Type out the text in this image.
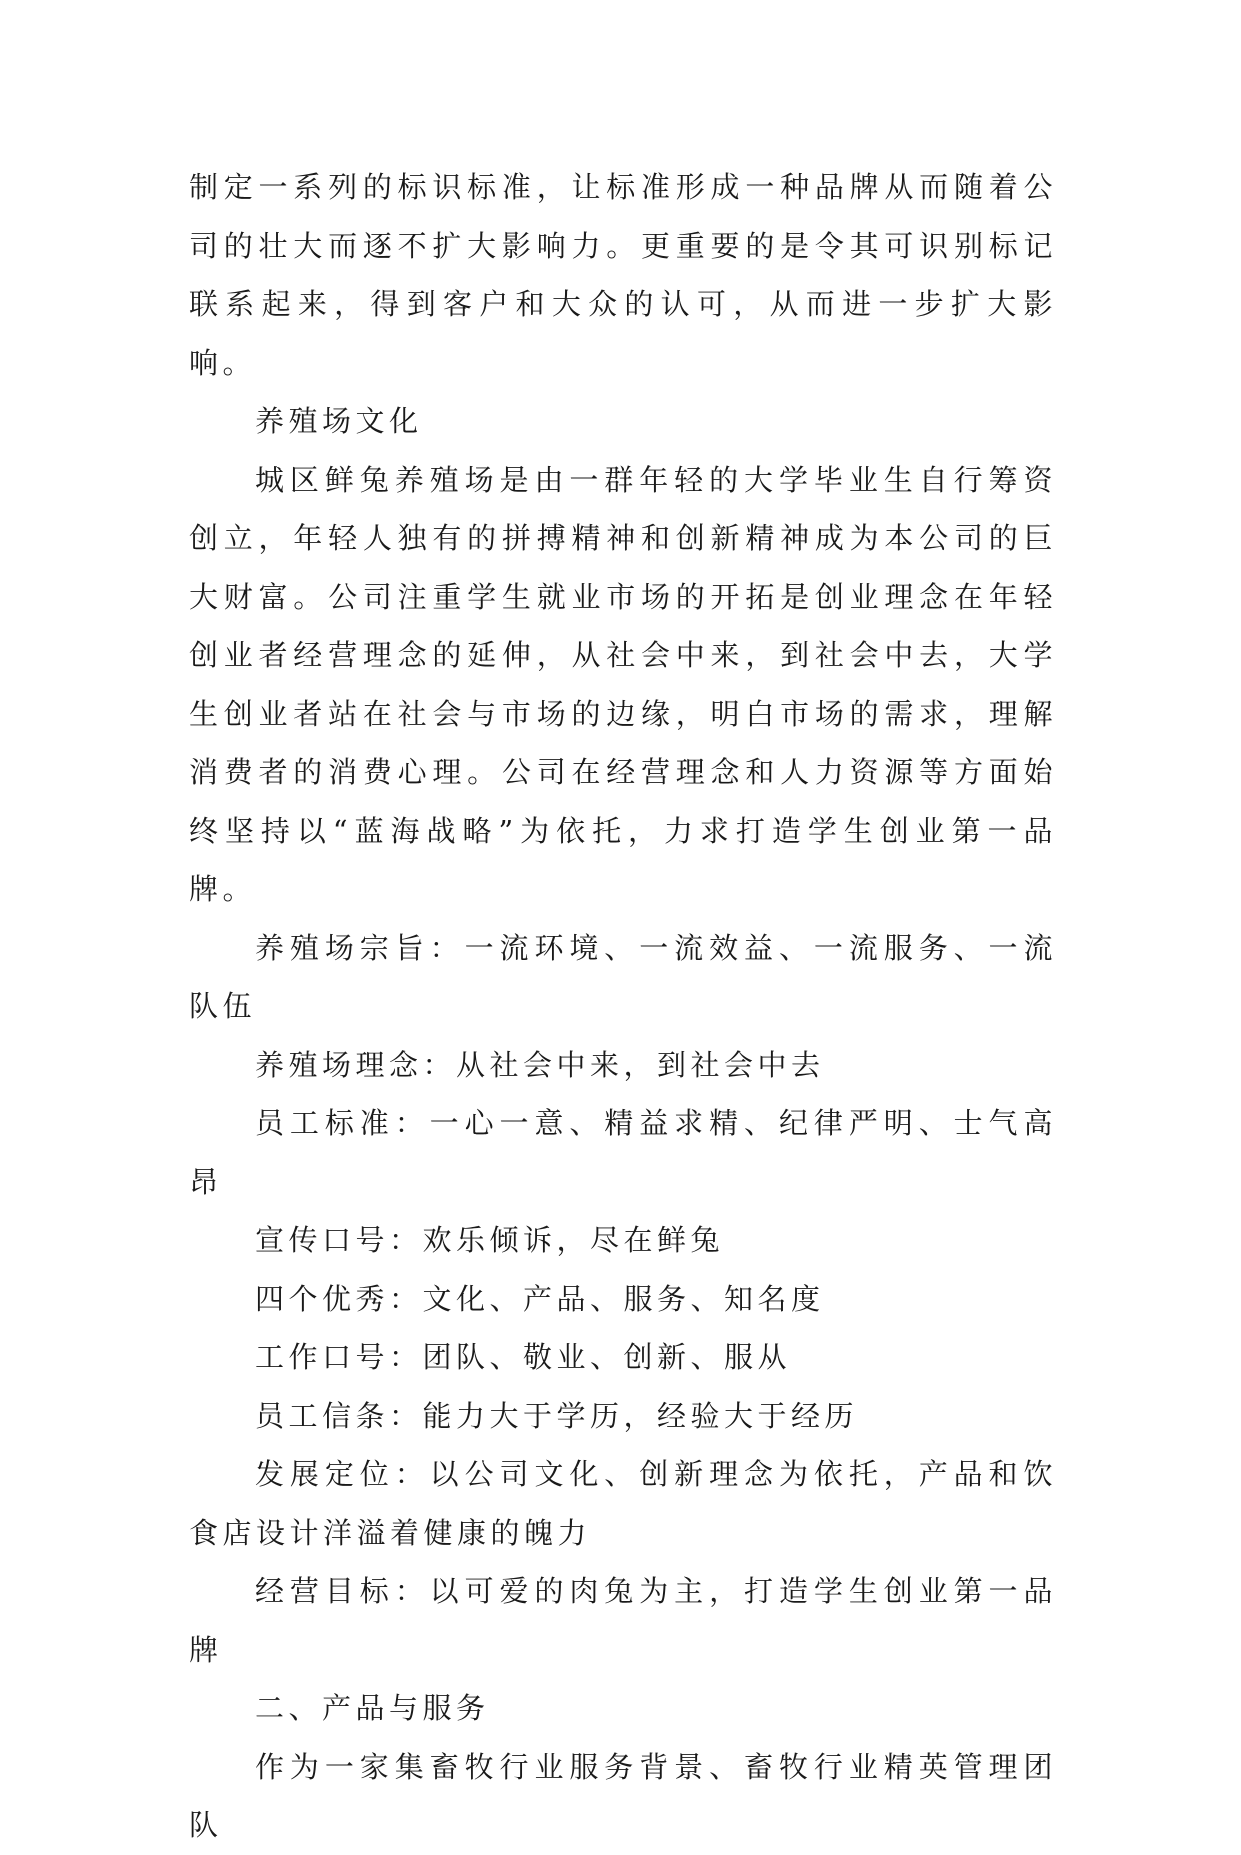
制定一系列的标识标准，让标准形成一种品牌从而随着公司的壮大而逐不扩大影响力。更重要的是令其可识别标记联系起来，得到客户和大众的认可，从而进一步扩大影响。

养殖场文化

城区鲜兔养殖场是由一群年轻的大学毕业生自行筹资创立，年轻人独有的拼搏精神和创新精神成为本公司的巨大财富。公司注重学生就业市场的开拓是创业理念在年轻创业者经营理念的延伸，从社会中来，到社会中去，大学生创业者站在社会与市场的边缘，明白市场的需求，理解消费者的消费心理。公司在经营理念和人力资源等方面始终坚持以“蓝海战略”为依托，力求打造学生创业第一品牌。

养殖场宗旨：一流环境、一流效益、一流服务、一流队伍

养殖场理念：从社会中来，到社会中去

员工标准：一心一意、精益求精、纪律严明、士气高昂

宣传口号：欢乐倾诉，尽在鲜兔

四个优秀：文化、产品、服务、知名度

工作口号：团队、敬业、创新、服从

员工信条：能力大于学历，经验大于经历

发展定位：以公司文化、创新理念为依托，产品和饮食店设计洋溢着健康的魄力

经营目标：以可爱的肉兔为主，打造学生创业第一品牌

二、产品与服务

作为一家集畜牧行业服务背景、畜牧行业精英管理团队
